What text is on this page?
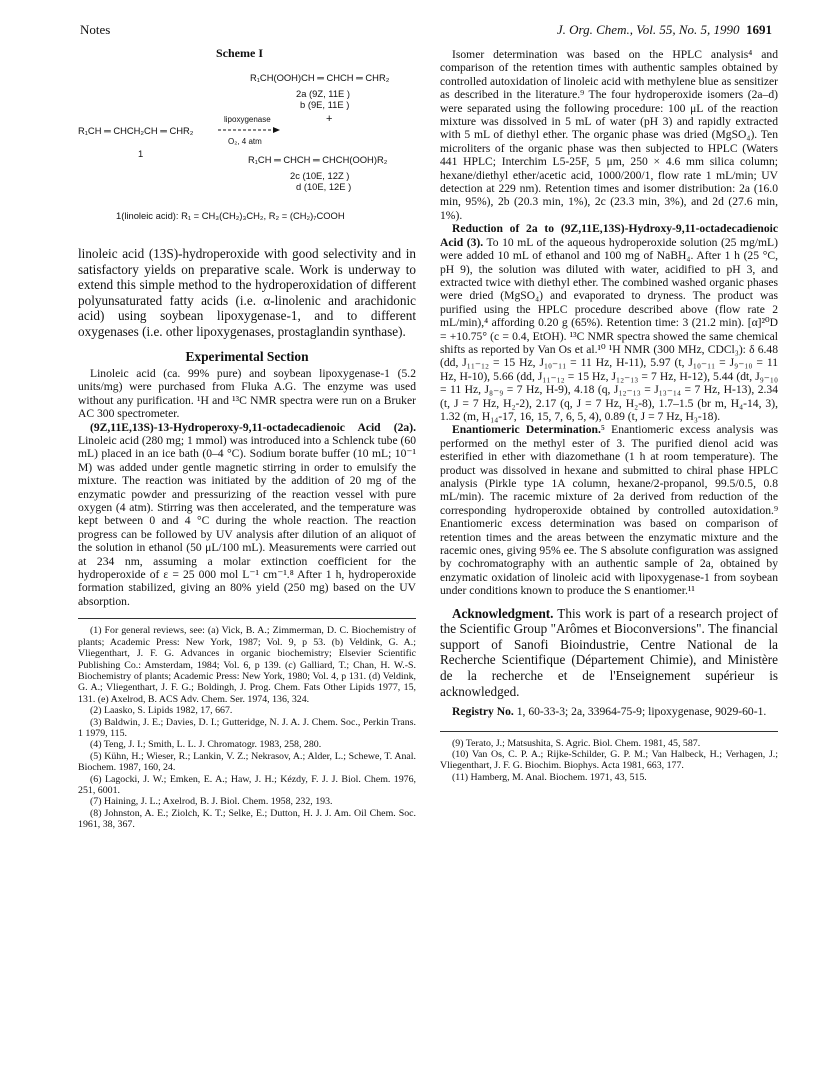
Notes	J. Org. Chem., Vol. 55, No. 5, 1990 1691
Scheme I
R₁CH(OOH)CH ═ CHCH ═ CHR₂
2a (9Z, 11E )
b (9E, 11E )
lipoxygenase
R₁CH ═ CHCH₂CH ═ CHR₂
+
O₂, 4 atm
1
R₁CH ═ CHCH ═ CHCH(OOH)R₂
2c (10E, 12Z )
d (10E, 12E )
1(linoleic acid): R₁ = CH₃(CH₂)₃CH₂, R₂ = (CH₂)₇COOH

linoleic acid (13S)-hydroperoxide with good selectivity and in satisfactory yields on preparative scale. Work is underway to extend this simple method to the hydroperoxidation of different polyunsaturated fatty acids (i.e. α-linolenic and arachidonic acid) using soybean lipoxygenase-1, and to different oxygenases (i.e. other lipoxygenases, prostaglandin synthase).

Experimental Section

Linoleic acid (ca. 99% pure) and soybean lipoxygenase-1 (5.2 units/mg) were purchased from Fluka A.G. The enzyme was used without any purification. ¹H and ¹³C NMR spectra were run on a Bruker AC 300 spectrometer.

(9Z,11E,13S)-13-Hydroperoxy-9,11-octadecadienoic Acid (2a). Linoleic acid (280 mg; 1 mmol) was introduced into a Schlenck tube (60 mL) placed in an ice bath (0–4 °C). Sodium borate buffer (10 mL; 10⁻¹ M) was added under gentle magnetic stirring in order to emulsify the mixture. The reaction was initiated by the addition of 20 mg of the enzymatic powder and pressurizing of the reaction vessel with pure oxygen (4 atm). Stirring was then accelerated, and the temperature was kept between 0 and 4 °C during the whole reaction. The reaction progress can be followed by UV analysis after dilution of an aliquot of the solution in ethanol (50 μL/100 mL). Measurements were carried out at 234 nm, assuming a molar extinction coefficient for the hydroperoxide of ε = 25 000 mol L⁻¹ cm⁻¹.⁸ After 1 h, hydroperoxide formation stabilized, giving an 80% yield (250 mg) based on the UV absorption.

(1) For general reviews, see: (a) Vick, B. A.; Zimmerman, D. C. Biochemistry of plants; Academic Press: New York, 1987; Vol. 9, p 53. (b) Veldink, G. A.; Vliegenthart, J. F. G. Advances in organic biochemistry; Elsevier Scientific Publishing Co.: Amsterdam, 1984; Vol. 6, p 139. (c) Galliard, T.; Chan, H. W.-S. Biochemistry of plants; Academic Press: New York, 1980; Vol. 4, p 131. (d) Veldink, G. A.; Vliegenthart, J. F. G.; Boldingh, J. Prog. Chem. Fats Other Lipids 1977, 15, 131. (e) Axelrod, B. ACS Adv. Chem. Ser. 1974, 136, 324.

(2) Laasko, S. Lipids 1982, 17, 667.

(3) Baldwin, J. E.; Davies, D. I.; Gutteridge, N. J. A. J. Chem. Soc., Perkin Trans. 1 1979, 115.

(4) Teng, J. I.; Smith, L. L. J. Chromatogr. 1983, 258, 280.

(5) Kühn, H.; Wieser, R.; Lankin, V. Z.; Nekrasov, A.; Alder, L.; Schewe, T. Anal. Biochem. 1987, 160, 24.

(6) Lagocki, J. W.; Emken, E. A.; Haw, J. H.; Kézdy, F. J. J. Biol. Chem. 1976, 251, 6001.

(7) Haining, J. L.; Axelrod, B. J. Biol. Chem. 1958, 232, 193.

(8) Johnston, A. E.; Ziolch, K. T.; Selke, E.; Dutton, H. J. J. Am. Oil Chem. Soc. 1961, 38, 367.

Isomer determination was based on the HPLC analysis⁴ and comparison of the retention times with authentic samples obtained by controlled autoxidation of linoleic acid with methylene blue as sensitizer as described in the literature.⁹ The four hydroperoxide isomers (2a–d) were separated using the following procedure: 100 μL of the reaction mixture was dissolved in 5 mL of water (pH 3) and rapidly extracted with 5 mL of diethyl ether. The organic phase was dried (MgSO₄). Ten microliters of the organic phase was then subjected to HPLC (Waters 441 HPLC; Interchim L5-25F, 5 μm, 250 × 4.6 mm silica column; hexane/diethyl ether/acetic acid, 1000/200/1, flow rate 1 mL/min; UV detection at 229 nm). Retention times and isomer distribution: 2a (16.0 min, 95%), 2b (20.3 min, 1%), 2c (23.3 min, 3%), and 2d (27.6 min, 1%).

Reduction of 2a to (9Z,11E,13S)-Hydroxy-9,11-octadecadienoic Acid (3). To 10 mL of the aqueous hydroperoxide solution (25 mg/mL) were added 10 mL of ethanol and 100 mg of NaBH₄. After 1 h (25 °C, pH 9), the solution was diluted with water, acidified to pH 3, and extracted twice with diethyl ether. The combined washed organic phases were dried (MgSO₄) and evaporated to dryness. The product was purified using the HPLC procedure described above (flow rate 2 mL/min),⁴ affording 0.20 g (65%). Retention time: 3 (21.2 min). [α]²⁰D = +10.75° (c = 0.4, EtOH). ¹³C NMR spectra showed the same chemical shifts as reported by Van Os et al.¹⁰ ¹H NMR (300 MHz, CDCl₃): δ 6.48 (dd, J₁₁₋₁₂ = 15 Hz, J₁₀₋₁₁ = 11 Hz, H-11), 5.97 (t, J₁₀₋₁₁ = J₉₋₁₀ = 11 Hz, H-10), 5.66 (dd, J₁₁₋₁₂ = 15 Hz, J₁₂₋₁₃ = 7 Hz, H-12), 5.44 (dt, J₉₋₁₀ = 11 Hz, J₈₋₉ = 7 Hz, H-9), 4.18 (q, J₁₂₋₁₃ = J₁₃₋₁₄ = 7 Hz, H-13), 2.34 (t, J = 7 Hz, H₂-2), 2.17 (q, J = 7 Hz, H₂-8), 1.7–1.5 (br m, H₄-14, 3), 1.32 (m, H₁₄-17, 16, 15, 7, 6, 5, 4), 0.89 (t, J = 7 Hz, H₃-18).

Enantiomeric Determination.⁵ Enantiomeric excess analysis was performed on the methyl ester of 3. The purified dienol acid was esterified in ether with diazomethane (1 h at room temperature). The product was dissolved in hexane and submitted to chiral phase HPLC analysis (Pirkle type 1A column, hexane/2-propanol, 99.5/0.5, 0.8 mL/min). The racemic mixture of 2a derived from reduction of the corresponding hydroperoxide obtained by controlled autoxidation.⁹ Enantiomeric excess determination was based on comparison of retention times and the areas between the enzymatic mixture and the racemic ones, giving 95% ee. The S absolute configuration was assigned by cochromatography with an authentic sample of 2a, obtained by enzymatic oxidation of linoleic acid with lipoxygenase-1 from soybean under conditions known to produce the S enantiomer.¹¹

Acknowledgment. This work is part of a research project of the Scientific Group "Arômes et Bioconversions". The financial support of Sanofi Bioindustrie, Centre National de la Recherche Scientifique (Département Chimie), and Ministère de la recherche et de l'Enseignement supérieur is acknowledged.

Registry No. 1, 60-33-3; 2a, 33964-75-9; lipoxygenase, 9029-60-1.

(9) Terato, J.; Matsushita, S. Agric. Biol. Chem. 1981, 45, 587.

(10) Van Os, C. P. A.; Rijke-Schilder, G. P. M.; Van Halbeck, H.; Verhagen, J.; Vliegenthart, J. F. G. Biochim. Biophys. Acta 1981, 663, 177.

(11) Hamberg, M. Anal. Biochem. 1971, 43, 515.
